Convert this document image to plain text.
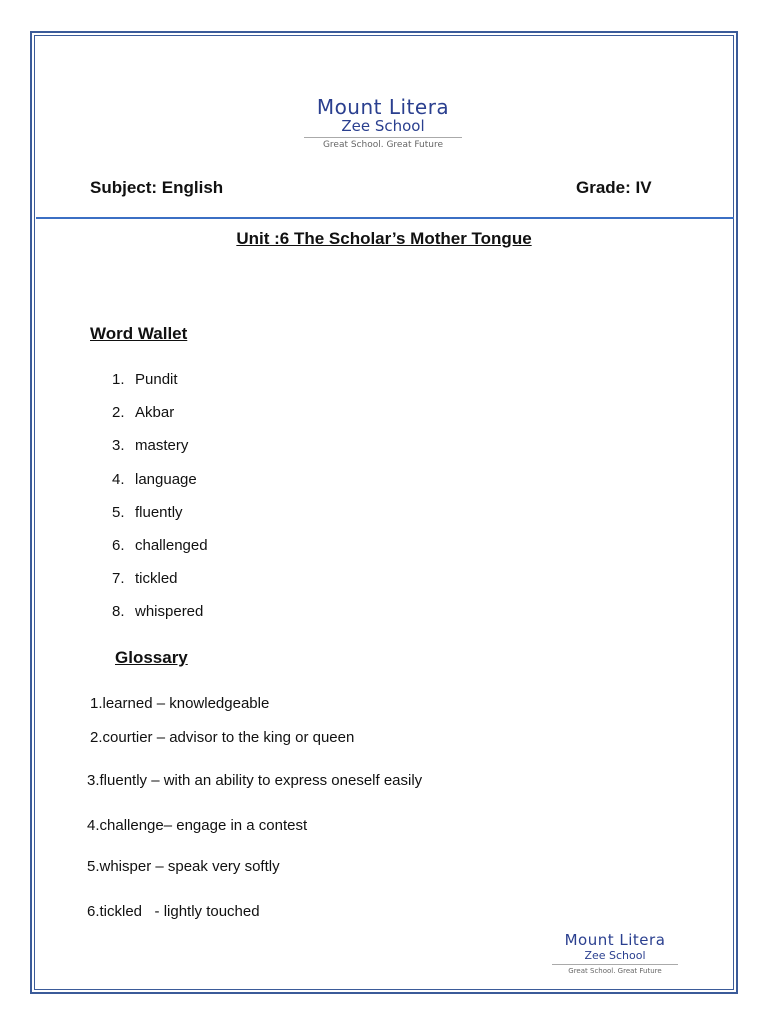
Mount Litera
Zee School
Great School. Great Future
Subject: English	Grade: IV
Unit :6 The Scholar’s Mother Tongue
Word Wallet
1. Pundit
2. Akbar
3. mastery
4. language
5. fluently
6. challenged
7. tickled
8. whispered
Glossary
1.learned – knowledgeable
2.courtier – advisor to the king or queen
3.fluently – with an ability to express oneself easily
4.challenge– engage in a contest
5.whisper – speak very softly
6.tickled   - lightly touched
Mount Litera
Zee School
Great School. Great Future
